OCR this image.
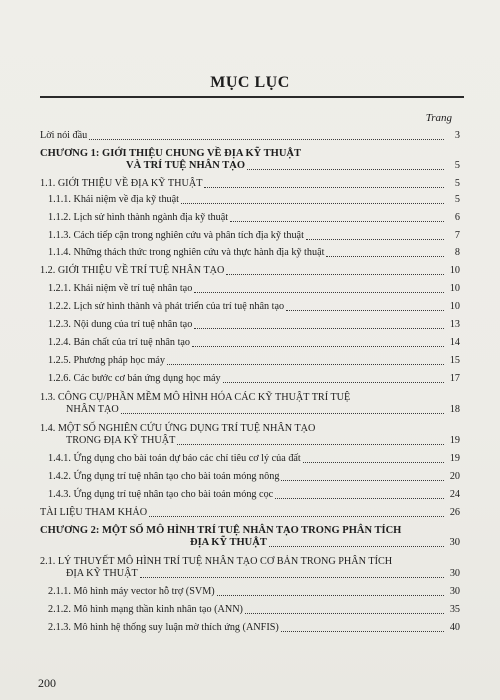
MỤC LỤC
Trang
Lời nói đầu	3
CHƯƠNG 1: GIỚI THIỆU CHUNG VỀ ĐỊA KỸ THUẬT
VÀ TRÍ TUỆ NHÂN TẠO	5
1.1. GIỚI THIỆU VỀ ĐỊA KỸ THUẬT	5
1.1.1. Khái niệm về địa kỹ thuật	5
1.1.2. Lịch sử hình thành ngành địa kỹ thuật	6
1.1.3. Cách tiếp cận trong nghiên cứu và phân tích địa kỹ thuật	7
1.1.4. Những thách thức trong nghiên cứu và thực hành địa kỹ thuật	8
1.2. GIỚI THIỆU VỀ TRÍ TUỆ NHÂN TẠO	10
1.2.1. Khái niệm về trí tuệ nhân tạo	10
1.2.2. Lịch sử hình thành và phát triển của trí tuệ nhân tạo	10
1.2.3. Nội dung của trí tuệ nhân tạo	13
1.2.4. Bản chất của trí tuệ nhân tạo	14
1.2.5. Phương pháp học máy	15
1.2.6. Các bước cơ bản ứng dụng học máy	17
1.3. CÔNG CỤ/PHẦN MỀM MÔ HÌNH HÓA CÁC KỸ THUẬT TRÍ TUỆ
NHÂN TẠO	18
1.4. MỘT SỐ NGHIÊN CỨU ỨNG DỤNG TRÍ TUỆ NHÂN TẠO
TRONG ĐỊA KỸ THUẬT	19
1.4.1. Ứng dụng cho bài toán dự báo các chỉ tiêu cơ lý của đất	19
1.4.2. Ứng dụng trí tuệ nhân tạo cho bài toán móng nông	20
1.4.3. Ứng dụng trí tuệ nhân tạo cho bài toán móng cọc	24
TÀI LIỆU THAM KHẢO	26
CHƯƠNG 2: MỘT SỐ MÔ HÌNH TRÍ TUỆ NHÂN TẠO TRONG PHÂN TÍCH
ĐỊA KỸ THUẬT	30
2.1. LÝ THUYẾT MÔ HÌNH TRÍ TUỆ NHÂN TẠO CƠ BẢN TRONG PHÂN TÍCH
ĐỊA KỸ THUẬT	30
2.1.1. Mô hình máy vector hỗ trợ (SVM)	30
2.1.2. Mô hình mạng thần kinh nhân tạo (ANN)	35
2.1.3. Mô hình hệ thống suy luận mờ thích ứng (ANFIS)	40
200
